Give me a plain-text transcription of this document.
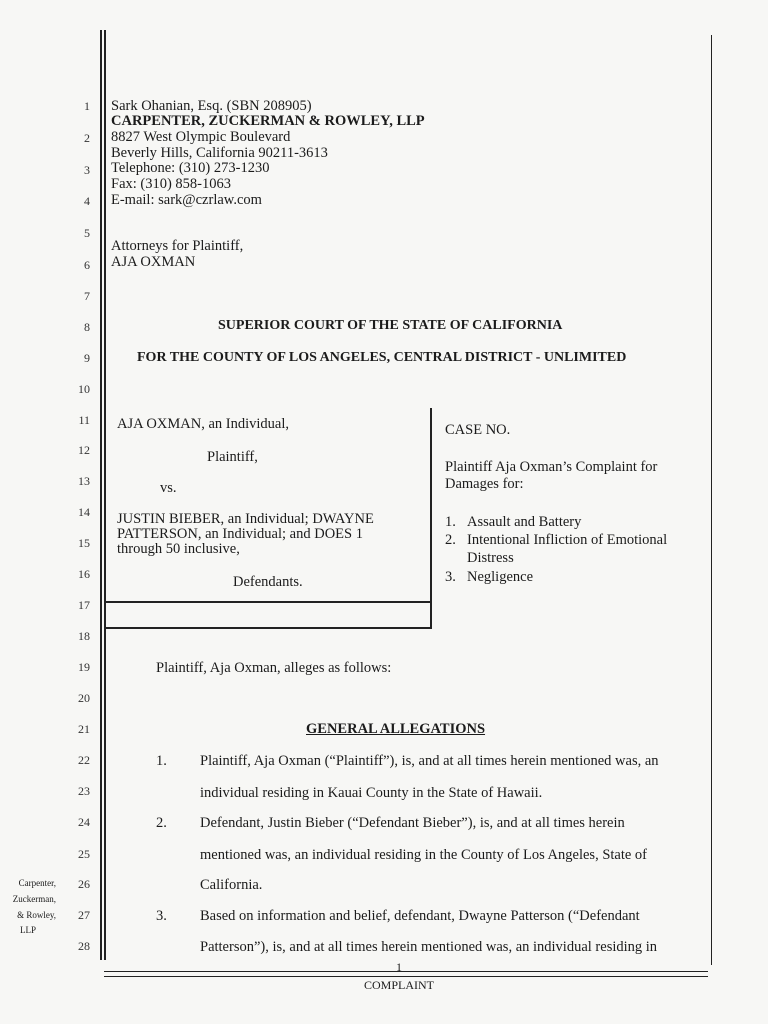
1
2
3
4
5
6
7
8
9
10
11
12
13
14
15
16
17
18
19
20
21
22
23
24
25
26
27
28
Carpenter,
Zuckerman,
& Rowley,
LLP
Sark Ohanian, Esq. (SBN 208905)
CARPENTER, ZUCKERMAN & ROWLEY, LLP
8827 West Olympic Boulevard
Beverly Hills, California 90211-3613
Telephone: (310) 273-1230
Fax: (310) 858-1063
E-mail: sark@czrlaw.com
Attorneys for Plaintiff,
AJA OXMAN
SUPERIOR COURT OF THE STATE OF CALIFORNIA
FOR THE COUNTY OF LOS ANGELES, CENTRAL DISTRICT - UNLIMITED
AJA OXMAN, an Individual,
Plaintiff,
vs.
JUSTIN BIEBER, an Individual; DWAYNE
PATTERSON, an Individual; and DOES 1
through 50 inclusive,
Defendants.
CASE NO.
Plaintiff Aja Oxman’s Complaint for
Damages for:
1. Assault and Battery
2. Intentional Infliction of Emotional
Distress
3. Negligence
Plaintiff, Aja Oxman, alleges as follows:
GENERAL ALLEGATIONS
1. Plaintiff, Aja Oxman (“Plaintiff”), is, and at all times herein mentioned was, an
individual residing in Kauai County in the State of Hawaii.
2. Defendant, Justin Bieber (“Defendant Bieber”), is, and at all times herein
mentioned was, an individual residing in the County of Los Angeles, State of
California.
3. Based on information and belief, defendant, Dwayne Patterson (“Defendant
Patterson”), is, and at all times herein mentioned was, an individual residing in
1
COMPLAINT
